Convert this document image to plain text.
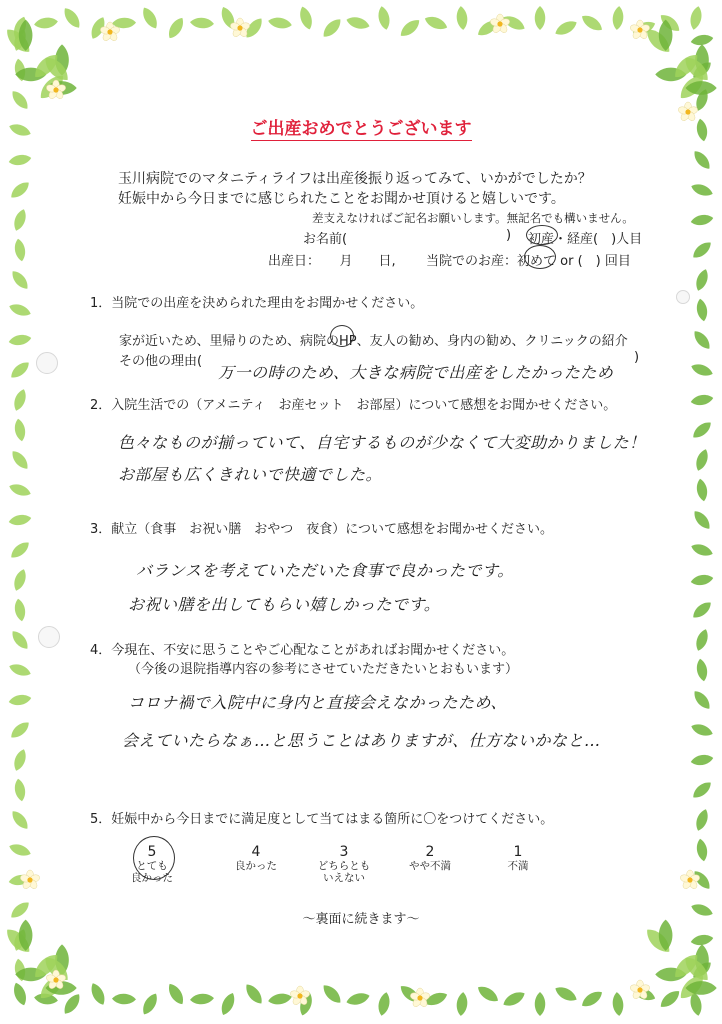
ご出産おめでとうございます
玉川病院でのマタニティライフは出産後振り返ってみて、いかがでしたか？
妊娠中から今日までに感じられたことをお聞かせ頂けると嬉しいです。
差支えなければご記名お願いします。無記名でも構いません。
お名前(	) 初産・経産(　)人目
出産日：　　月　　日, 当院でのお産：初めて or (　) 回目
1．当院での出産を決められた理由をお聞かせください。
家が近いため、里帰りのため、病院のHP、友人の勧め、身内の勧め、クリニックの紹介
その他の理由(
万一の時のため、大きな病院で出産をしたかったため
)
2．入院生活での（アメニティ　お産セット　お部屋）について感想をお聞かせください。
色々なものが揃っていて、自宅するものが少なくて大変助かりました！
お部屋も広くきれいで快適でした。
3．献立（食事　お祝い膳　おやつ　夜食）について感想をお聞かせください。
バランスを考えていただいた食事で良かったです。
お祝い膳を出してもらい嬉しかったです。
4．今現在、不安に思うことやご心配なことがあればお聞かせください。
（今後の退院指導内容の参考にさせていただきたいとおもいます）
コロナ禍で入院中に身内と直接会えなかったため、
会えていたらなぁ…と思うことはありますが、仕方ないかなと…
5．妊娠中から今日までに満足度として当てはまる箇所に〇をつけてください。
5
とても
良かった
4
良かった
3
どちらとも
いえない
2
やや不満
1
不満
〜裏面に続きます〜
